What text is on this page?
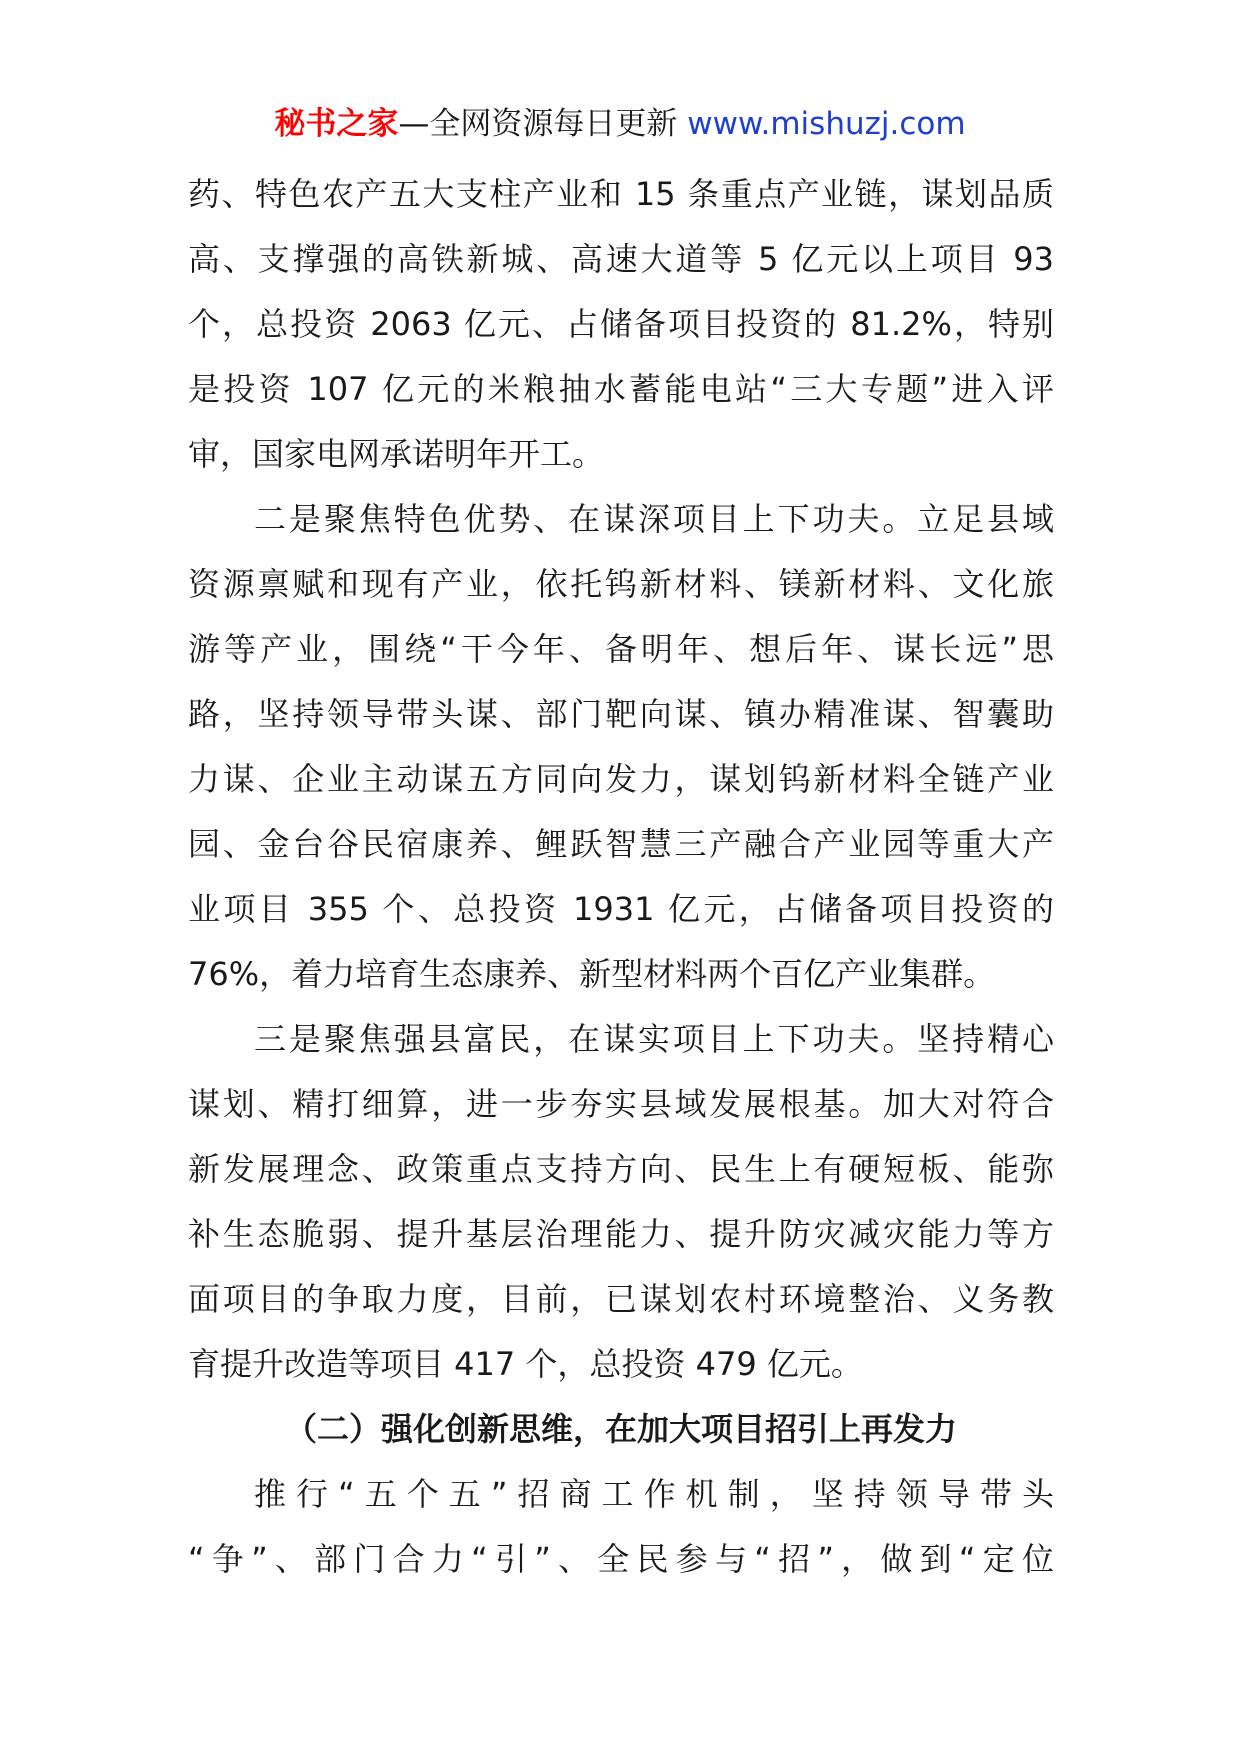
秘书之家—全网资源每日更新 www.mishuzj.com
药、特色农产五大支柱产业和 15 条重点产业链，谋划品质
高、支撑强的高铁新城、高速大道等 5 亿元以上项目 93
个，总投资 2063 亿元、占储备项目投资的 81.2%，特别
是投资 107 亿元的米粮抽水蓄能电站“三大专题”进入评
审，国家电网承诺明年开工。
二是聚焦特色优势、在谋深项目上下功夫。立足县域
资源禀赋和现有产业，依托钨新材料、镁新材料、文化旅
游等产业，围绕“干今年、备明年、想后年、谋长远”思
路，坚持领导带头谋、部门靶向谋、镇办精准谋、智囊助
力谋、企业主动谋五方同向发力，谋划钨新材料全链产业
园、金台谷民宿康养、鲤跃智慧三产融合产业园等重大产
业项目 355 个、总投资 1931 亿元，占储备项目投资的
76%，着力培育生态康养、新型材料两个百亿产业集群。
三是聚焦强县富民，在谋实项目上下功夫。坚持精心
谋划、精打细算，进一步夯实县域发展根基。加大对符合
新发展理念、政策重点支持方向、民生上有硬短板、能弥
补生态脆弱、提升基层治理能力、提升防灾减灾能力等方
面项目的争取力度，目前，已谋划农村环境整治、义务教
育提升改造等项目 417 个，总投资 479 亿元。
（二）强化创新思维，在加大项目招引上再发力
推行“五个五”招商工作机制，坚持领导带头
“争”、部门合力“引”、全民参与“招”，做到“定位
